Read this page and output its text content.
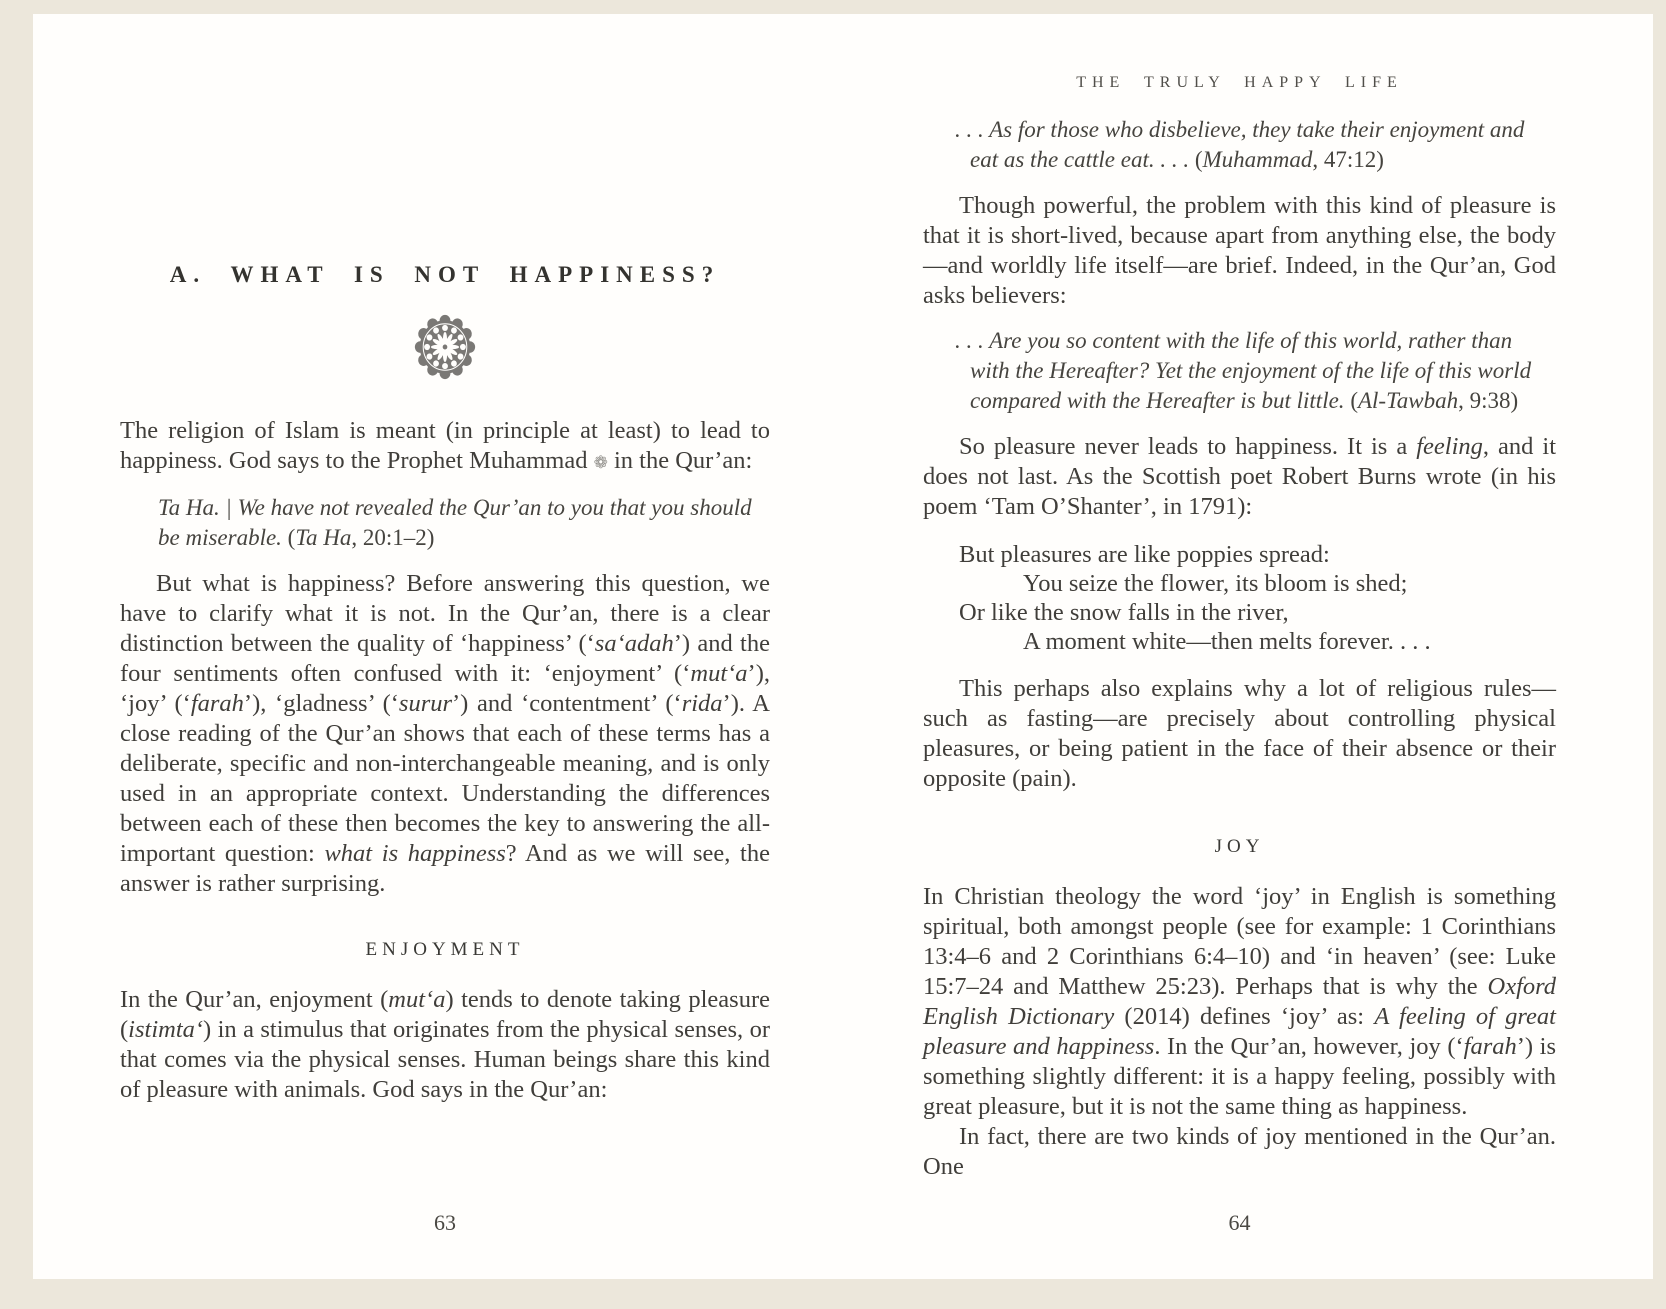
A. WHAT IS NOT HAPPINESS?

The religion of Islam is meant (in principle at least) to lead to happiness. God says to the Prophet Muhammad ❁ in the Qur’an:

Ta Ha. | We have not revealed the Qur’an to you that you should be miserable. (Ta Ha, 20:1–2)

But what is happiness? Before answering this question, we have to clarify what it is not. In the Qur’an, there is a clear distinction between the quality of ‘happiness’ (‘sa‘adah’) and the four sentiments often confused with it: ‘enjoyment’ (‘mut‘a’), ‘joy’ (‘farah’), ‘gladness’ (‘surur’) and ‘contentment’ (‘rida’). A close reading of the Qur’an shows that each of these terms has a deliberate, specific and non-interchangeable meaning, and is only used in an appropriate context. Understanding the differences between each of these then becomes the key to answering the all-important question: what is happiness? And as we will see, the answer is rather surprising.

ENJOYMENT

In the Qur’an, enjoyment (mut‘a) tends to denote taking pleasure (istimta‘) in a stimulus that originates from the physical senses, or that comes via the physical senses. Human beings share this kind of pleasure with animals. God says in the Qur’an:

63
THE TRULY HAPPY LIFE

. . . As for those who disbelieve, they take their enjoyment and eat as the cattle eat. . . . (Muhammad, 47:12)

Though powerful, the problem with this kind of pleasure is that it is short-lived, because apart from anything else, the body—and worldly life itself—are brief. Indeed, in the Qur’an, God asks believers:

. . . Are you so content with the life of this world, rather than with the Hereafter? Yet the enjoyment of the life of this world compared with the Hereafter is but little. (Al-Tawbah, 9:38)

So pleasure never leads to happiness. It is a feeling, and it does not last. As the Scottish poet Robert Burns wrote (in his poem ‘Tam O’Shanter’, in 1791):

But pleasures are like poppies spread:

You seize the flower, its bloom is shed;

Or like the snow falls in the river,

A moment white—then melts forever. . . .

This perhaps also explains why a lot of religious rules—such as fasting—are precisely about controlling physical pleasures, or being patient in the face of their absence or their opposite (pain).

JOY

In Christian theology the word ‘joy’ in English is something spiritual, both amongst people (see for example: 1 Corinthians 13:4–6 and 2 Corinthians 6:4–10) and ‘in heaven’ (see: Luke 15:7–24 and Matthew 25:23). Perhaps that is why the Oxford English Dictionary (2014) defines ‘joy’ as: A feeling of great pleasure and happiness. In the Qur’an, however, joy (‘farah’) is something slightly different: it is a happy feeling, possibly with great pleasure, but it is not the same thing as happiness.

In fact, there are two kinds of joy mentioned in the Qur’an. One

64
